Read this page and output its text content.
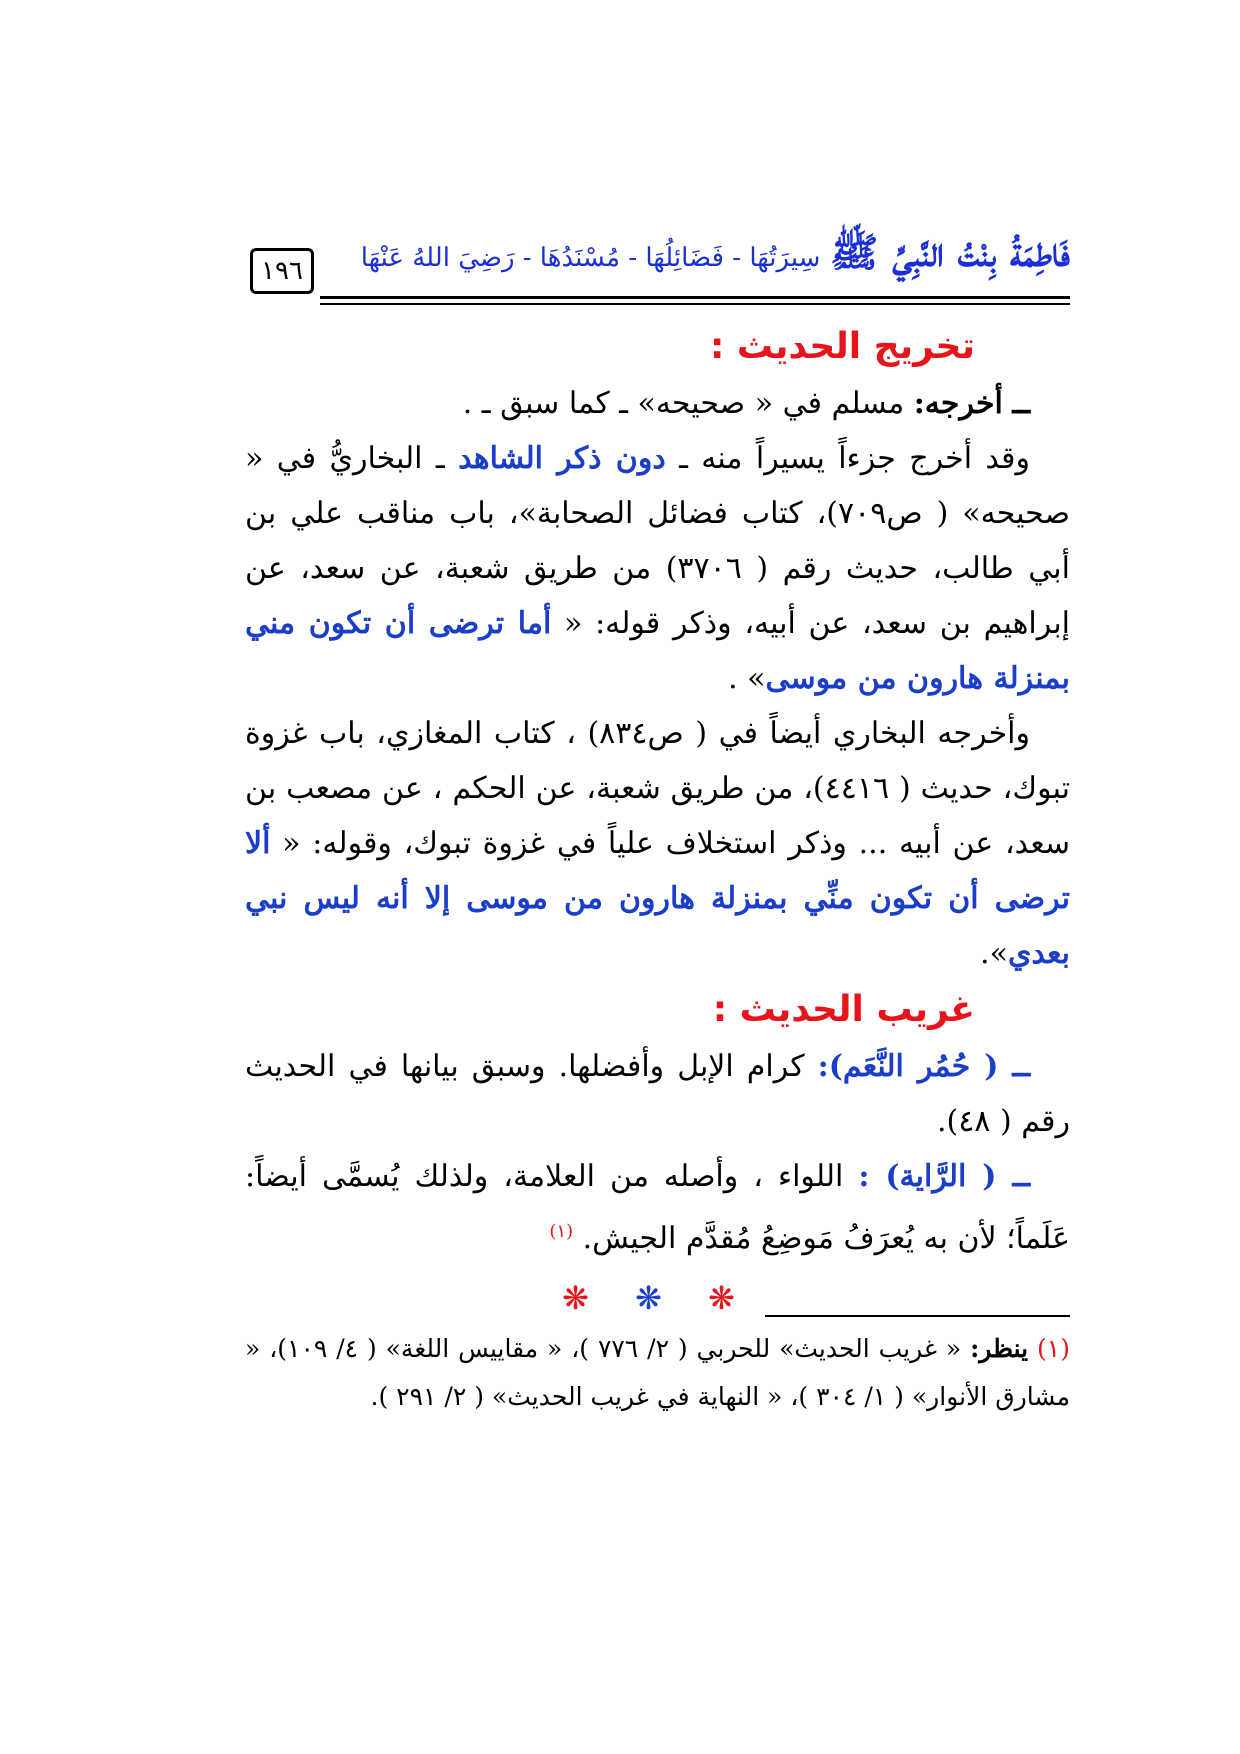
١٩٦	فَاطِمَةُ بِنْتُ النَّبِيِّ ﷺ سِيرَتُهَا - فَضَائِلُهَا - مُسْنَدُهَا - رَضِيَ اللهُ عَنْهَا
تخريج الحديث :

ــ أخرجه: مسلم في « صحيحه» ـ كما سبق ـ .

وقد أخرج جزءاً يسيراً منه ـ دون ذكر الشاهد ـ البخاريُّ في « صحيحه» ( ص٧٠٩)، كتاب فضائل الصحابة»، باب مناقب علي بن أبي طالب، حديث رقم ( ٣٧٠٦) من طريق شعبة، عن سعد، عن إبراهيم بن سعد، عن أبيه، وذكر قوله: « أما ترضى أن تكون مني بمنزلة هارون من موسى» .

وأخرجه البخاري أيضاً في ( ص٨٣٤) ، كتاب المغازي، باب غزوة تبوك، حديث ( ٤٤١٦)، من طريق شعبة، عن الحكم ، عن مصعب بن سعد، عن أبيه ... وذكر استخلاف علياً في غزوة تبوك، وقوله: « ألا ترضى أن تكون منِّي بمنزلة هارون من موسى إلا أنه ليس نبي بعدي».

غريب الحديث :

ــ ( حُمُر النَّعَم): كرام الإبل وأفضلها. وسبق بيانها في الحديث رقم ( ٤٨).

ــ ( الرَّاية) : اللواء ، وأصله من العلامة، ولذلك يُسمَّى أيضاً: عَلَماً؛ لأن به يُعرَفُ مَوضِعُ مُقدَّم الجيش. $^{(١)}$

❋ ❋ ❋
(١) ينظر: « غريب الحديث» للحربي ( ٢/ ٧٧٦ )، « مقاييس اللغة» ( ٤/ ١٠٩)، « مشارق الأنوار» ( ١/ ٣٠٤ )، « النهاية في غريب الحديث» ( ٢/ ٢٩١ ).
